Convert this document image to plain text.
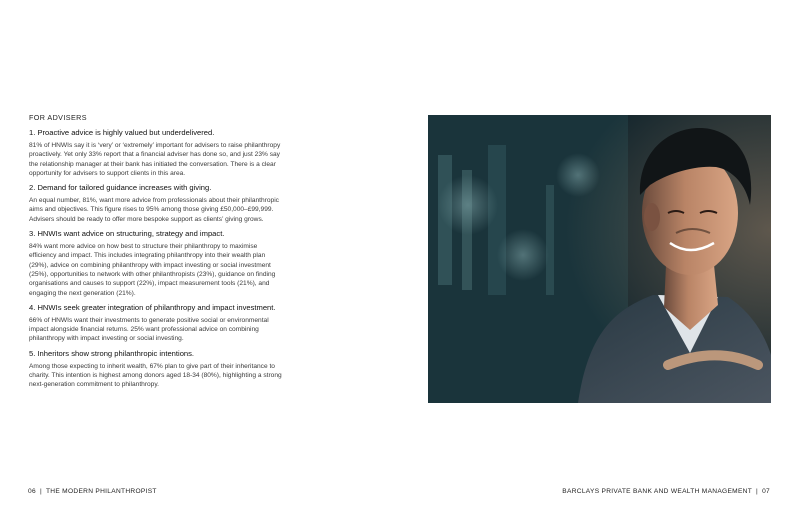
FOR ADVISERS
1. Proactive advice is highly valued but underdelivered.

81% of HNWIs say it is ‘very’ or ‘extremely’ important for advisers to raise philanthropy proactively. Yet only 33% report that a financial adviser has done so, and just 23% say the relationship manager at their bank has initiated the conversation. There is a clear opportunity for advisers to support clients in this area.

2. Demand for tailored guidance increases with giving.

An equal number, 81%, want more advice from professionals about their philanthropic aims and objectives. This figure rises to 95% among those giving £50,000–£99,999. Advisers should be ready to offer more bespoke support as clients’ giving grows.

3. HNWIs want advice on structuring, strategy and impact.

84% want more advice on how best to structure their philanthropy to maximise efficiency and impact. This includes integrating philanthropy into their wealth plan (29%), advice on combining philanthropy with impact investing or social investment (25%), opportunities to network with other philanthropists (23%), guidance on finding organisations and causes to support (22%), impact measurement tools (21%), and engaging the next generation (21%).

4. HNWIs seek greater integration of philanthropy and impact investment.

66% of HNWIs want their investments to generate positive social or environmental impact alongside financial returns. 25% want professional advice on combining philanthropy with impact investing or social investing.

5. Inheritors show strong philanthropic intentions.

Among those expecting to inherit wealth, 67% plan to give part of their inheritance to charity. This intention is highest among donors aged 18-34 (80%), highlighting a strong next-generation commitment to philanthropy.

06 | THE MODERN PHILANTHROPIST	BARCLAYS PRIVATE BANK AND WEALTH MANAGEMENT | 07
